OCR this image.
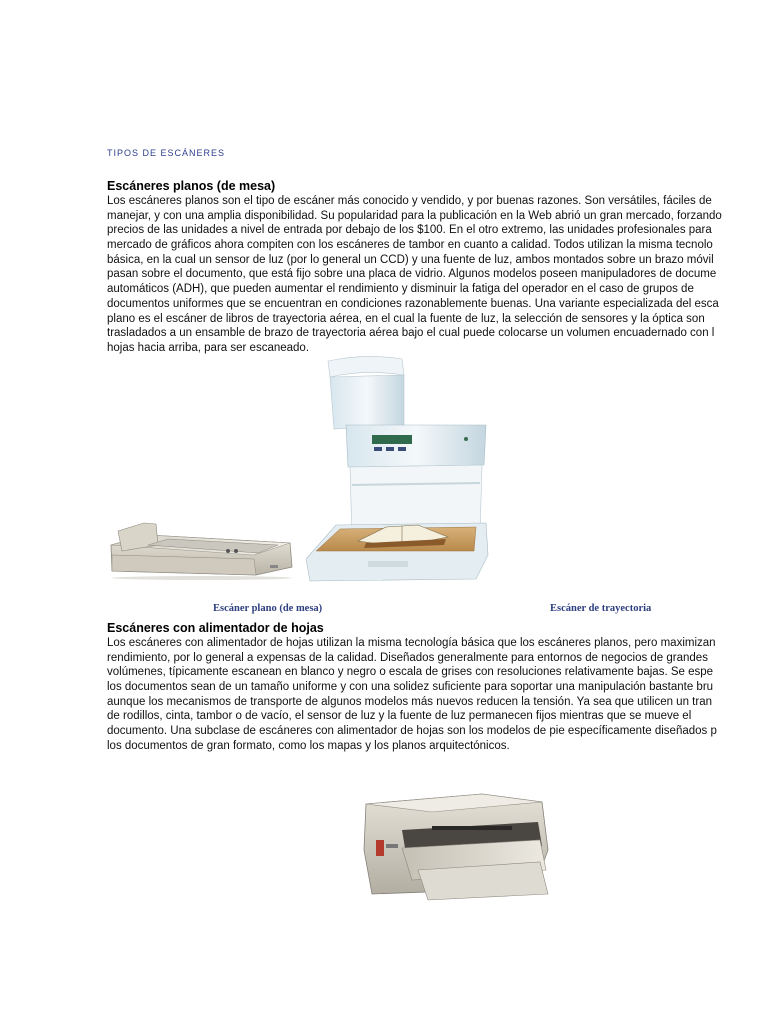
TIPOS DE ESCÁNERES
Escáneres planos (de mesa)
Los escáneres planos son el tipo de escáner más conocido y vendido, y por buenas razones. Son versátiles, fáciles de
manejar, y con una amplia disponibilidad. Su popularidad para la publicación en la Web abrió un gran mercado, forzando
precios de las unidades a nivel de entrada por debajo de los $100. En el otro extremo, las unidades profesionales para
mercado de gráficos ahora compiten con los escáneres de tambor en cuanto a calidad. Todos utilizan la misma tecnolo
básica, en la cual un sensor de luz (por lo general un CCD) y una fuente de luz, ambos montados sobre un brazo móvil
pasan sobre el documento, que está fijo sobre una placa de vidrio. Algunos modelos poseen manipuladores de docume
automáticos (ADH), que pueden aumentar el rendimiento y disminuir la fatiga del operador en el caso de grupos de
documentos uniformes que se encuentran en condiciones razonablemente buenas. Una variante especializada del esca
plano es el escáner de libros de trayectoria aérea, en el cual la fuente de luz, la selección de sensores y la óptica son
trasladados a un ensamble de brazo de trayectoria aérea bajo el cual puede colocarse un volumen encuadernado con l
hojas hacia arriba, para ser escaneado.
Escáner plano (de mesa)	Escáner de trayectoria
Escáneres con alimentador de hojas
Los escáneres con alimentador de hojas utilizan la misma tecnología básica que los escáneres planos, pero maximizan
rendimiento, por lo general a expensas de la calidad. Diseñados generalmente para entornos de negocios de grandes
volúmenes, típicamente escanean en blanco y negro o escala de grises con resoluciones relativamente bajas. Se espe
los documentos sean de un tamaño uniforme y con una solidez suficiente para soportar una manipulación bastante bru
aunque los mecanismos de transporte de algunos modelos más nuevos reducen la tensión. Ya sea que utilicen un tran
de rodillos, cinta, tambor o de vacío, el sensor de luz y la fuente de luz permanecen fijos mientras que se mueve el
documento. Una subclase de escáneres con alimentador de hojas son los modelos de pie específicamente diseñados p
los documentos de gran formato, como los mapas y los planos arquitectónicos.
